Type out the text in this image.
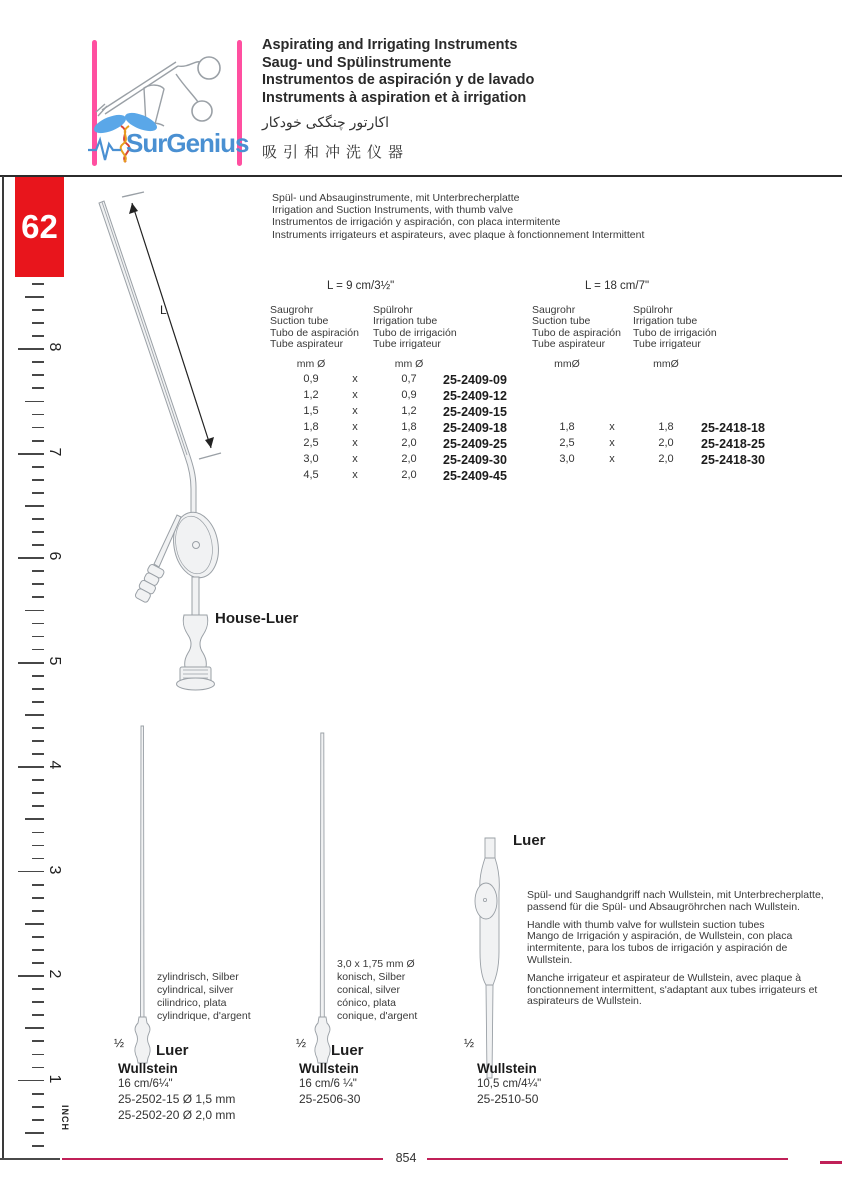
SurGenius
Aspirating and Irrigating Instruments
Saug- und Spülinstrumente
Instrumentos de aspiración y de lavado
Instruments à aspiration et à irrigation
اكارتور چنگكى خودكار
吸引和冲洗仪器
62
8
7
6
5
4
3
2
1
INCH
L
House-Luer
Spül- und Absauginstrumente, mit Unterbrecherplatte
Irrigation and Suction Instruments, with thumb valve
Instrumentos de irrigación y aspiración, con placa intermitente
Instruments irrigateurs et aspirateurs, avec plaque à fonctionnement Intermittent
L = 9 cm/3½"	L = 18 cm/7"
Saugrohr
Suction tube
Tubo de aspiración
Tube aspirateur
Spülrohr
Irrigation tube
Tubo de irrigación
Tube irrigateur
Saugrohr
Suction tube
Tubo de aspiración
Tube aspirateur
Spülrohr
Irrigation tube
Tubo de irrigación
Tube irrigateur
mm Ø	mm Ø	mmØ	mmØ
0,9	x	0,7	25-2409-09
1,2	x	0,9	25-2409-12
1,5	x	1,2	25-2409-15
1,8	x	1,8	25-2409-18
2,5	x	2,0	25-2409-25
3,0	x	2,0	25-2409-30
4,5	x	2,0	25-2409-45
1,8	x	1,8	25-2418-18
2,5	x	2,0	25-2418-25
3,0	x	2,0	25-2418-30
zylindrisch, Silber
cylindrical, silver
cilindrico, plata
cylindrique, d'argent
½ Luer
Wullstein
16 cm/6¼"
25-2502-15 Ø 1,5 mm
25-2502-20 Ø 2,0 mm
3,0 x 1,75 mm Ø
konisch, Silber
conical, silver
cónico, plata
conique, d'argent
½ Luer
Wullstein
16 cm/6 ¼"
25-2506-30
Luer
Spül- und Saughandgriff nach Wullstein, mit Unterbrecherplatte, passend für die Spül- und Absaugröhrchen nach Wullstein.
Handle with thumb valve for wullstein suction tubes
Mango de Irrigación y aspiración, de Wullstein, con placa intermitente, para los tubos de irrigación y aspiración de Wullstein.
Manche irrigateur et aspirateur de Wullstein, avec plaque à fonctionnement intermittent, s'adaptant aux tubes irrigateurs et aspirateurs de Wullstein.
½
Wullstein
10,5 cm/4¼"
25-2510-50
854
